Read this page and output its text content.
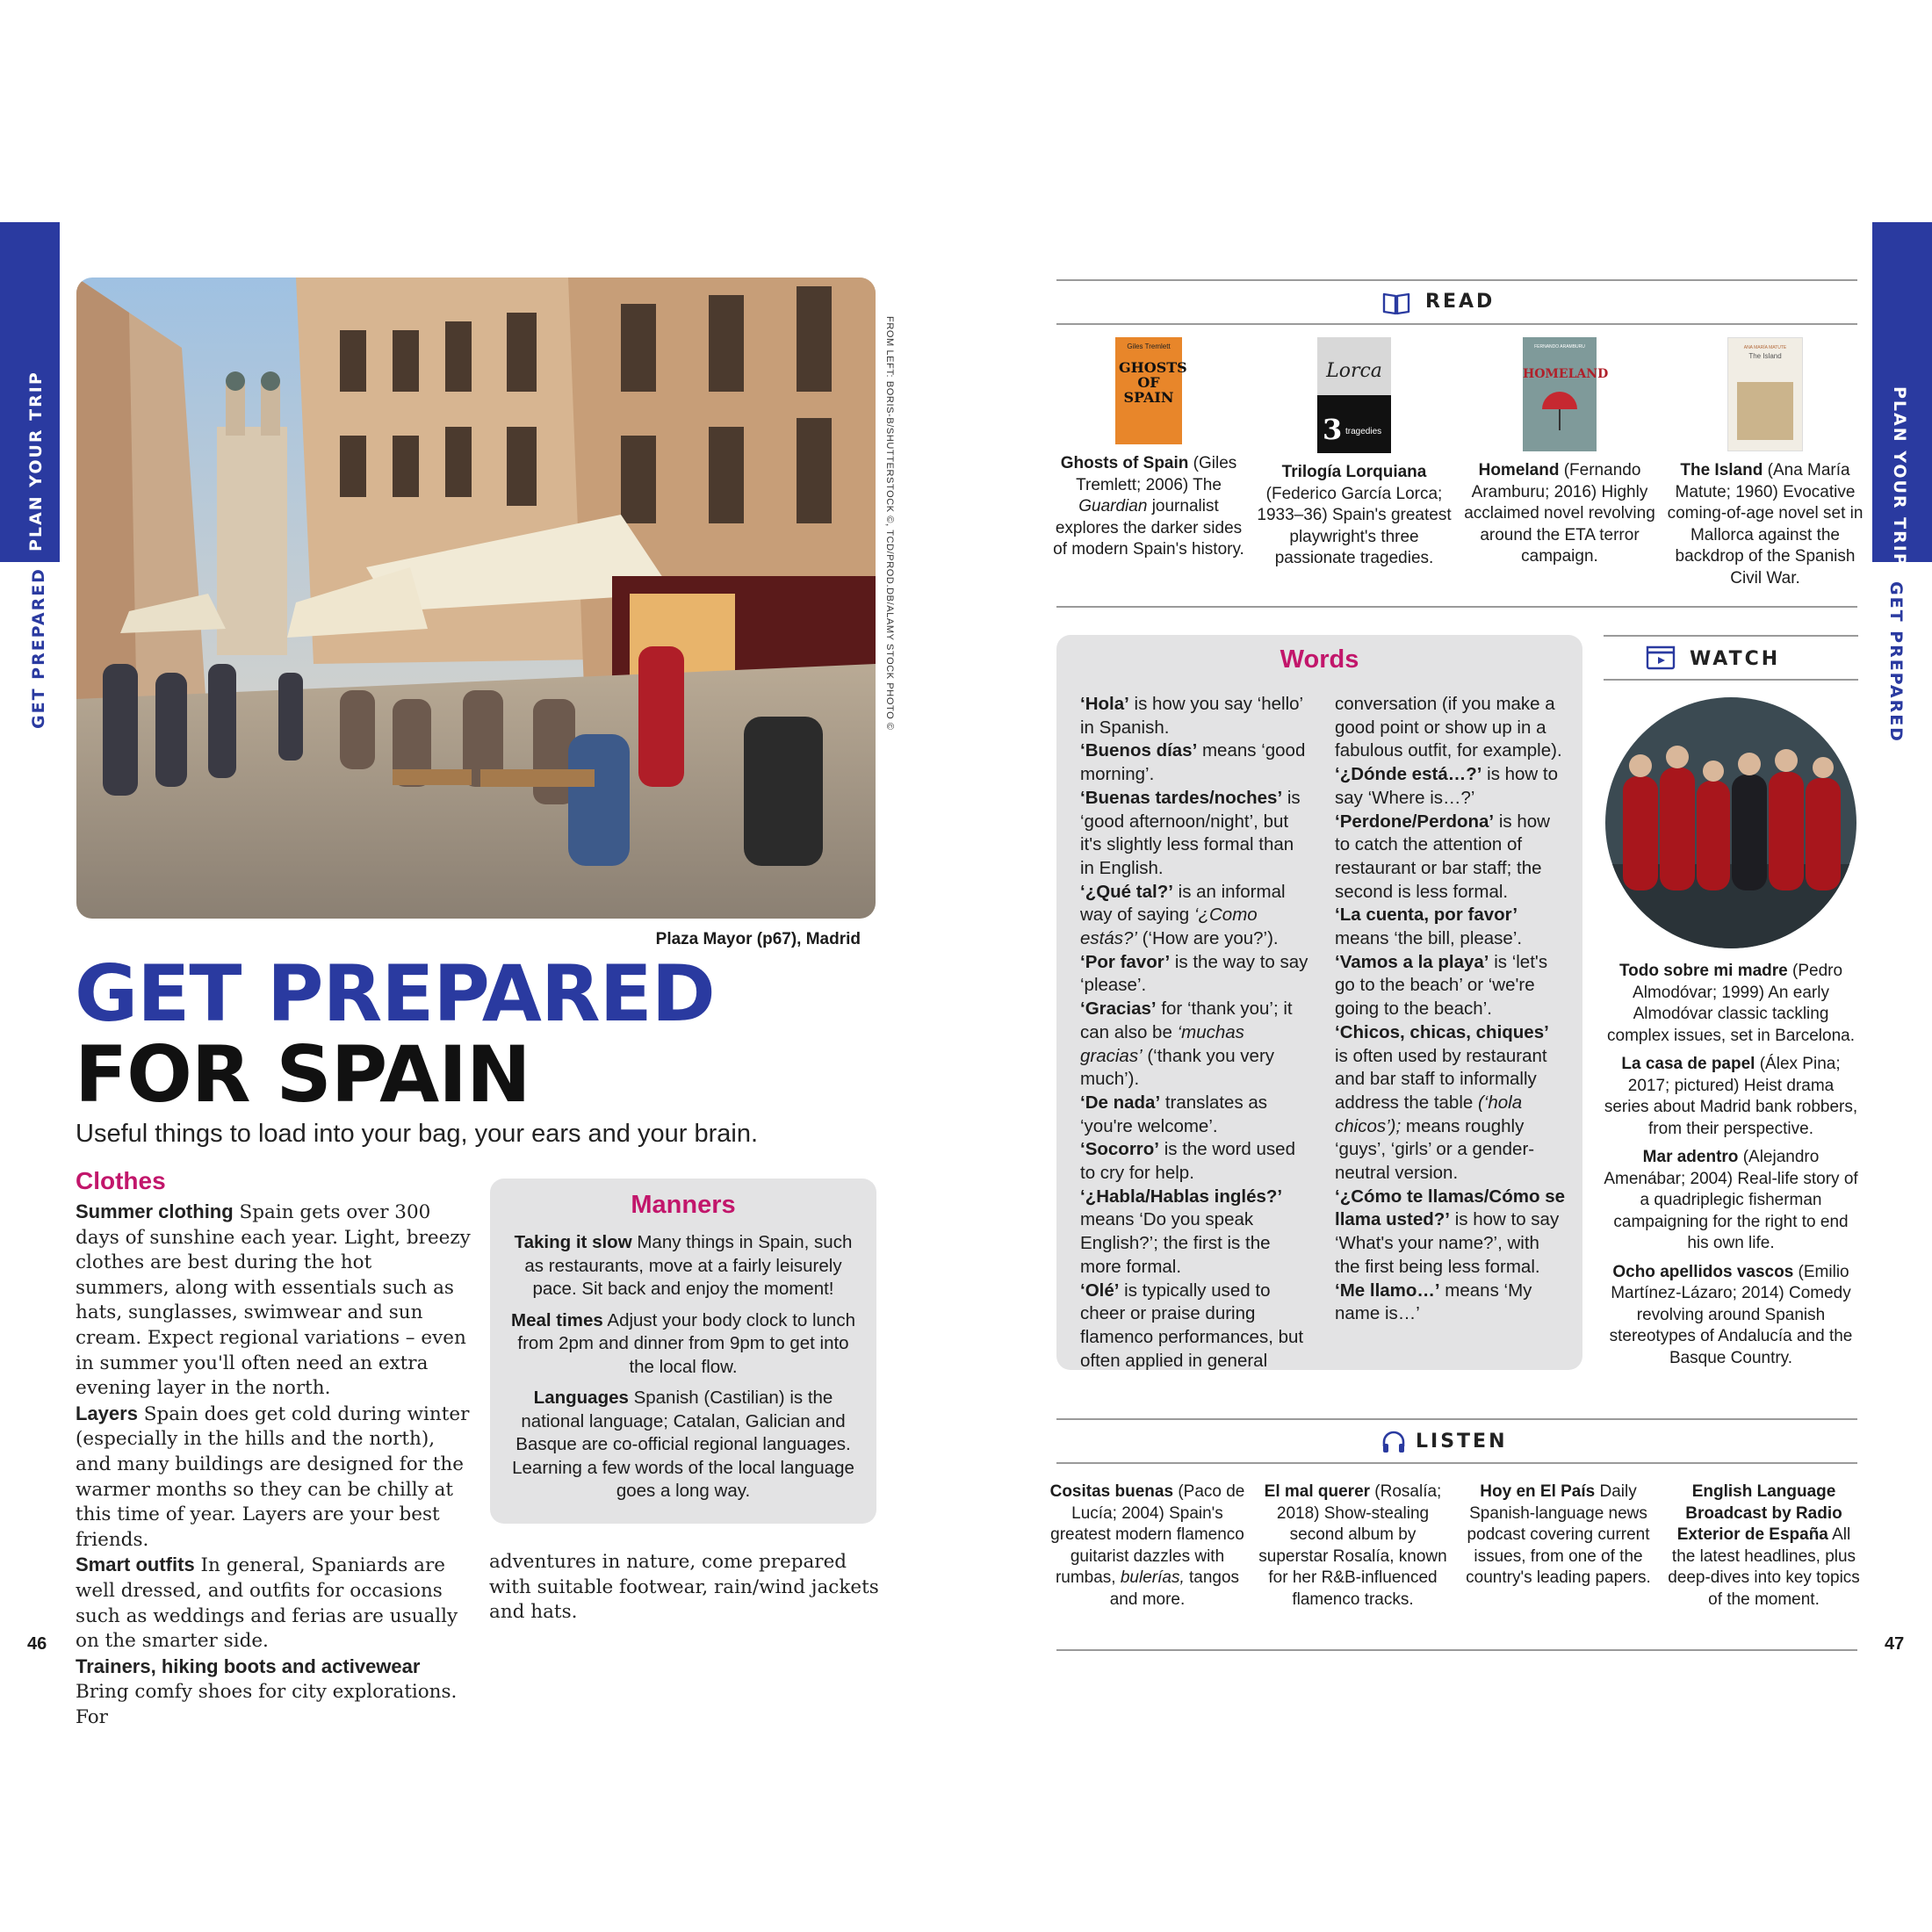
PLAN YOUR TRIP
GET PREPARED
PLAN YOUR TRIP
GET PREPARED
FROM LEFT: BORIS-B/SHUTTERSTOCK ©, TCD/PROD.DB/ALAMY STOCK PHOTO ©
Plaza Mayor (p67), Madrid
GET PREPARED
FOR SPAIN
Useful things to load into your bag, your ears and your brain.
Clothes
Summer clothing Spain gets over 300 days of sunshine each year. Light, breezy clothes are best during the hot summers, along with essentials such as hats, sunglasses, swimwear and sun cream. Expect regional variations – even in summer you'll often need an extra evening layer in the north.
Layers Spain does get cold during winter (especially in the hills and the north), and many buildings are designed for the warmer months so they can be chilly at this time of year. Layers are your best friends.
Smart outfits In general, Spaniards are well dressed, and outfits for occasions such as weddings and ferias are usually on the smarter side.
Trainers, hiking boots and activewear Bring comfy shoes for city explorations. For
adventures in nature, come prepared with suitable footwear, rain/wind jackets and hats.
Manners

Taking it slow Many things in Spain, such as restaurants, move at a fairly leisurely pace. Sit back and enjoy the moment!

Meal times Adjust your body clock to lunch from 2pm and dinner from 9pm to get into the local flow.

Languages Spanish (Castilian) is the national language; Catalan, Galician and Basque are co-official regional languages. Learning a few words of the local language goes a long way.

46	47
READ
Giles Tremlett
GHOSTS OF SPAIN
Ghosts of Spain (Giles Tremlett; 2006) The Guardian journalist explores the darker sides of modern Spain's history.
Lorca
3 tragedies
Trilogía Lorquiana (Federico García Lorca; 1933–36) Spain's greatest playwright's three passionate tragedies.
FERNANDO ARAMBURU
HOMELAND
Homeland (Fernando Aramburu; 2016) Highly acclaimed novel revolving around the ETA terror campaign.
ANA MARÍA MATUTE
The Island
The Island (Ana María Matute; 1960) Evocative coming-of-age novel set in Mallorca against the backdrop of the Spanish Civil War.
Words
‘Hola’ is how you say ‘hello’ in Spanish.
‘Buenos días’ means ‘good morning’.
‘Buenas tardes/noches’ is ‘good afternoon/night’, but it's slightly less formal than in English.
‘¿Qué tal?’ is an informal way of saying ‘¿Como estás?’ (‘How are you?’).
‘Por favor’ is the way to say ‘please’.
‘Gracias’ for ‘thank you’; it can also be ‘muchas gracias’ (‘thank you very much’).
‘De nada’ translates as ‘you're welcome’.
‘Socorro’ is the word used to cry for help.
‘¿Habla/Hablas inglés?’ means ‘Do you speak English?’; the first is the more formal.
‘Olé’ is typically used to cheer or praise during flamenco performances, but often applied in general
conversation (if you make a good point or show up in a fabulous outfit, for example).
‘¿Dónde está…?’ is how to say ‘Where is…?’
‘Perdone/Perdona’ is how to catch the attention of restaurant or bar staff; the second is less formal.
‘La cuenta, por favor’ means ‘the bill, please’.
‘Vamos a la playa’ is ‘let's go to the beach’ or ‘we're going to the beach’.
‘Chicos, chicas, chiques’ is often used by restaurant and bar staff to informally address the table (‘hola chicos’); means roughly ‘guys’, ‘girls’ or a gender-neutral version.
‘¿Cómo te llamas/Cómo se llama usted?’ is how to say ‘What's your name?’, with the first being less formal.
‘Me llamo…’ means ‘My name is…’
WATCH

Todo sobre mi madre (Pedro Almodóvar; 1999) An early Almodóvar classic tackling complex issues, set in Barcelona.

La casa de papel (Álex Pina; 2017; pictured) Heist drama series about Madrid bank robbers, from their perspective.

Mar adentro (Alejandro Amenábar; 2004) Real-life story of a quadriplegic fisherman campaigning for the right to end his own life.

Ocho apellidos vascos (Emilio Martínez-Lázaro; 2014) Comedy revolving around Spanish stereotypes of Andalucía and the Basque Country.

LISTEN
Cositas buenas (Paco de Lucía; 2004) Spain's greatest modern flamenco guitarist dazzles with rumbas, bulerías, tangos and more.
El mal querer (Rosalía; 2018) Show-stealing second album by superstar Rosalía, known for her R&B-influenced flamenco tracks.
Hoy en El País Daily Spanish-language news podcast covering current issues, from one of the country's leading papers.
English Language Broadcast by Radio Exterior de España All the latest headlines, plus deep-dives into key topics of the moment.
